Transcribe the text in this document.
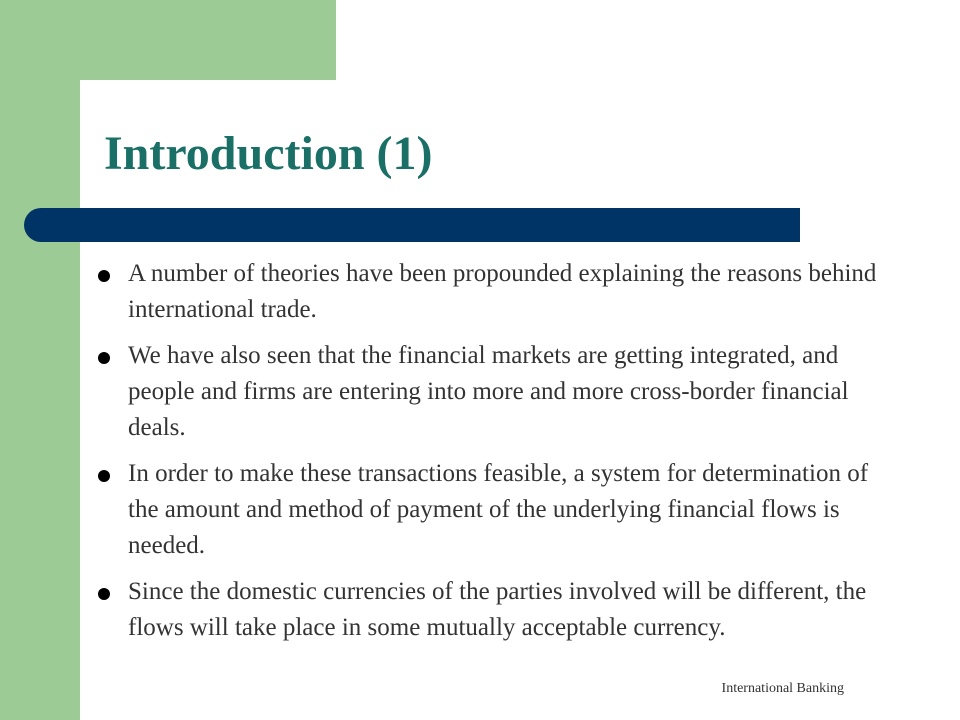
Introduction (1)
A number of theories have been propounded explaining the reasons behind international trade.
We have also seen that the financial markets are getting integrated, and people and firms are entering into more and more cross-border financial deals.
In order to make these transactions feasible, a system for determination of the amount and method of payment of the underlying financial flows is needed.
Since the domestic currencies of the parties involved will be different, the flows will take place in some mutually acceptable currency.
International Banking
